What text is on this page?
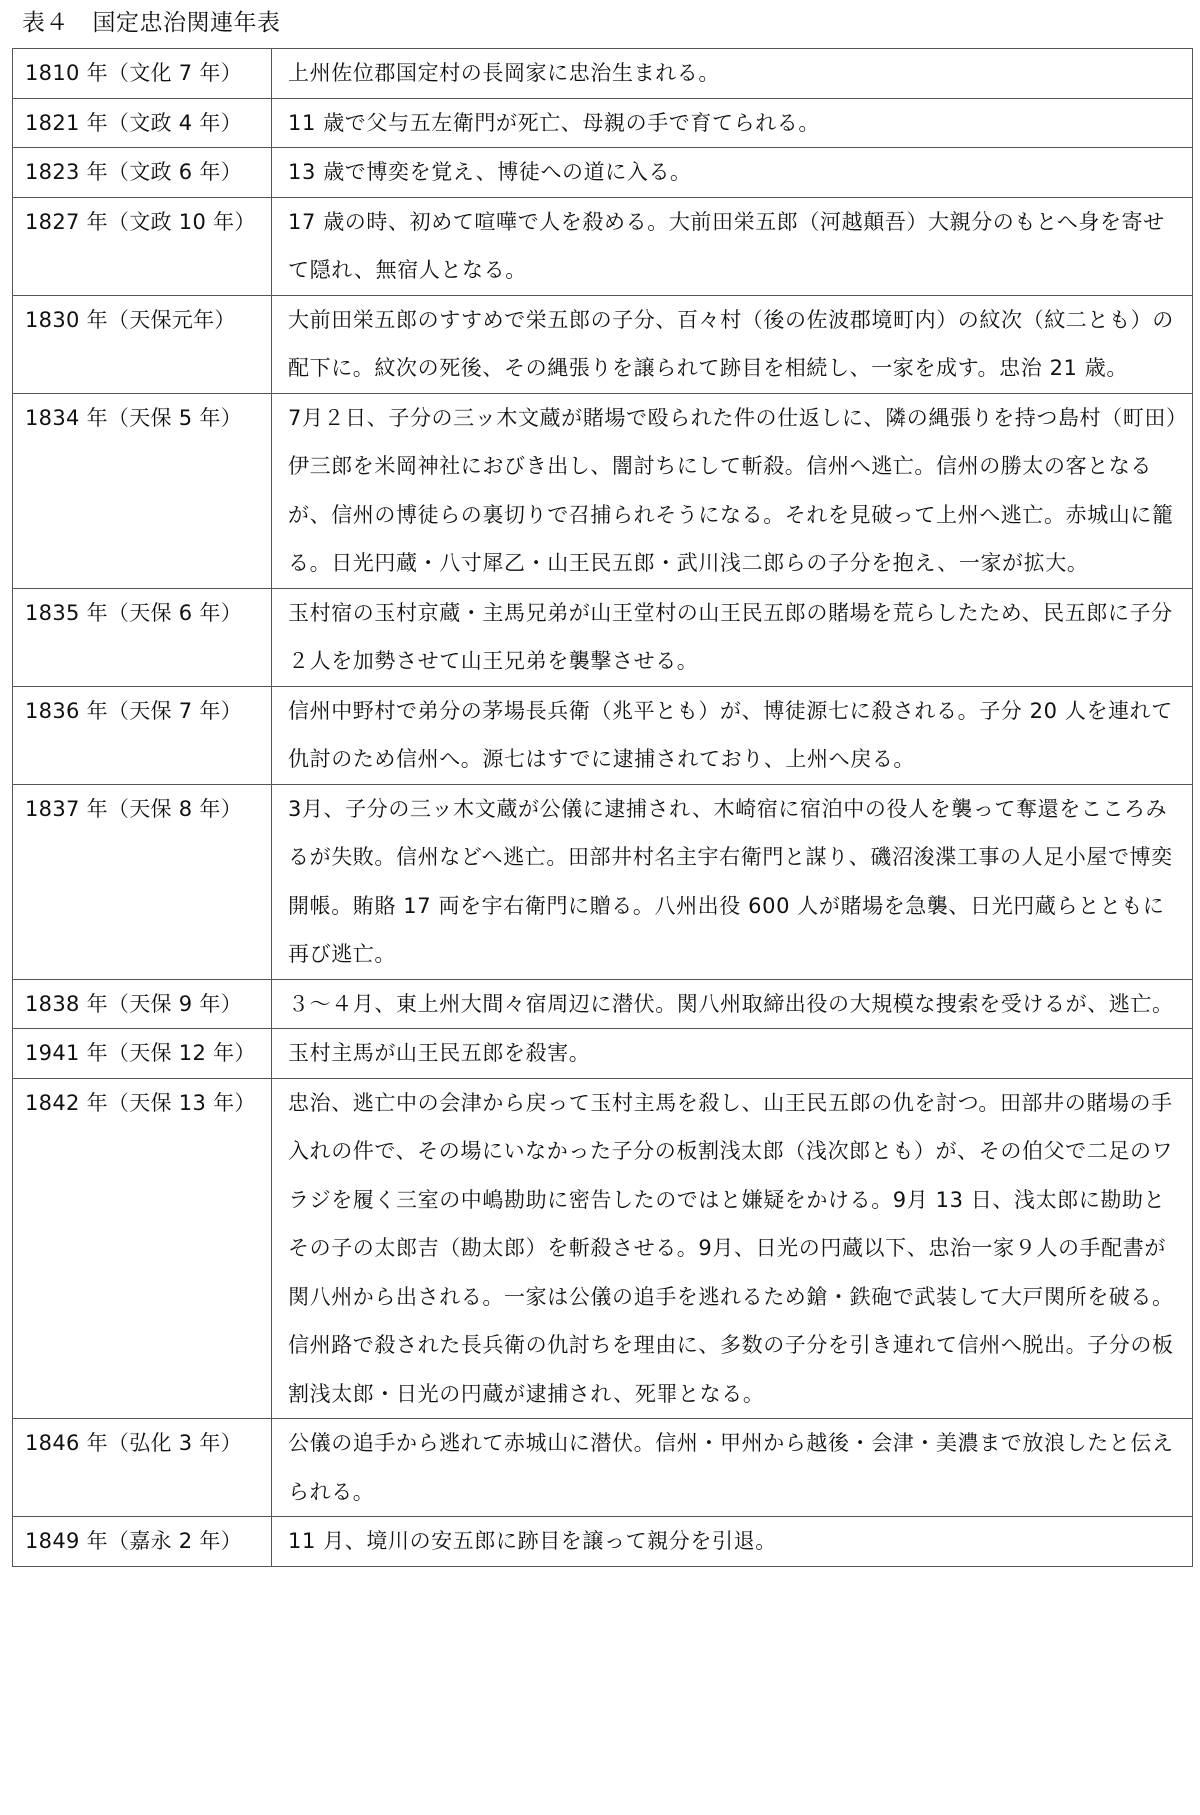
表４　国定忠治関連年表
1810 年（文化 7 年）	上州佐位郡国定村の長岡家に忠治生まれる。
1821 年（文政 4 年）	11 歳で父与五左衛門が死亡、母親の手で育てられる。
1823 年（文政 6 年）	13 歳で博奕を覚え、博徒への道に入る。
1827 年（文政 10 年）	17 歳の時、初めて喧嘩で人を殺める。大前田栄五郎（河越顛吾）大親分のもとへ身を寄せて隠れ、無宿人となる。
1830 年（天保元年）	大前田栄五郎のすすめで栄五郎の子分、百々村（後の佐波郡境町内）の紋次（紋二とも）の配下に。紋次の死後、その縄張りを譲られて跡目を相続し、一家を成す。忠治 21 歳。
1834 年（天保 5 年）	7月２日、子分の三ッ木文蔵が賭場で殴られた件の仕返しに、隣の縄張りを持つ島村（町田）伊三郎を米岡神社におびき出し、闇討ちにして斬殺。信州へ逃亡。信州の勝太の客となるが、信州の博徒らの裏切りで召捕られそうになる。それを見破って上州へ逃亡。赤城山に籠る。日光円蔵・八寸犀乙・山王民五郎・武川浅二郎らの子分を抱え、一家が拡大。
1835 年（天保 6 年）	玉村宿の玉村京蔵・主馬兄弟が山王堂村の山王民五郎の賭場を荒らしたため、民五郎に子分２人を加勢させて山王兄弟を襲撃させる。
1836 年（天保 7 年）	信州中野村で弟分の茅場長兵衛（兆平とも）が、博徒源七に殺される。子分 20 人を連れて仇討のため信州へ。源七はすでに逮捕されており、上州へ戻る。
1837 年（天保 8 年）	3月、子分の三ッ木文蔵が公儀に逮捕され、木崎宿に宿泊中の役人を襲って奪還をこころみるが失敗。信州などへ逃亡。田部井村名主宇右衛門と謀り、磯沼浚渫工事の人足小屋で博奕開帳。賄賂 17 両を宇右衛門に贈る。八州出役 600 人が賭場を急襲、日光円蔵らとともに再び逃亡。
1838 年（天保 9 年）	３～４月、東上州大間々宿周辺に潜伏。関八州取締出役の大規模な捜索を受けるが、逃亡。
1941 年（天保 12 年）	玉村主馬が山王民五郎を殺害。
1842 年（天保 13 年）	忠治、逃亡中の会津から戻って玉村主馬を殺し、山王民五郎の仇を討つ。田部井の賭場の手入れの件で、その場にいなかった子分の板割浅太郎（浅次郎とも）が、その伯父で二足のワラジを履く三室の中嶋勘助に密告したのではと嫌疑をかける。9月 13 日、浅太郎に勘助とその子の太郎吉（勘太郎）を斬殺させる。9月、日光の円蔵以下、忠治一家９人の手配書が関八州から出される。一家は公儀の追手を逃れるため鎗・鉄砲で武装して大戸関所を破る。信州路で殺された長兵衛の仇討ちを理由に、多数の子分を引き連れて信州へ脱出。子分の板割浅太郎・日光の円蔵が逮捕され、死罪となる。
1846 年（弘化 3 年）	公儀の追手から逃れて赤城山に潜伏。信州・甲州から越後・会津・美濃まで放浪したと伝えられる。
1849 年（嘉永 2 年）	11 月、境川の安五郎に跡目を譲って親分を引退。
